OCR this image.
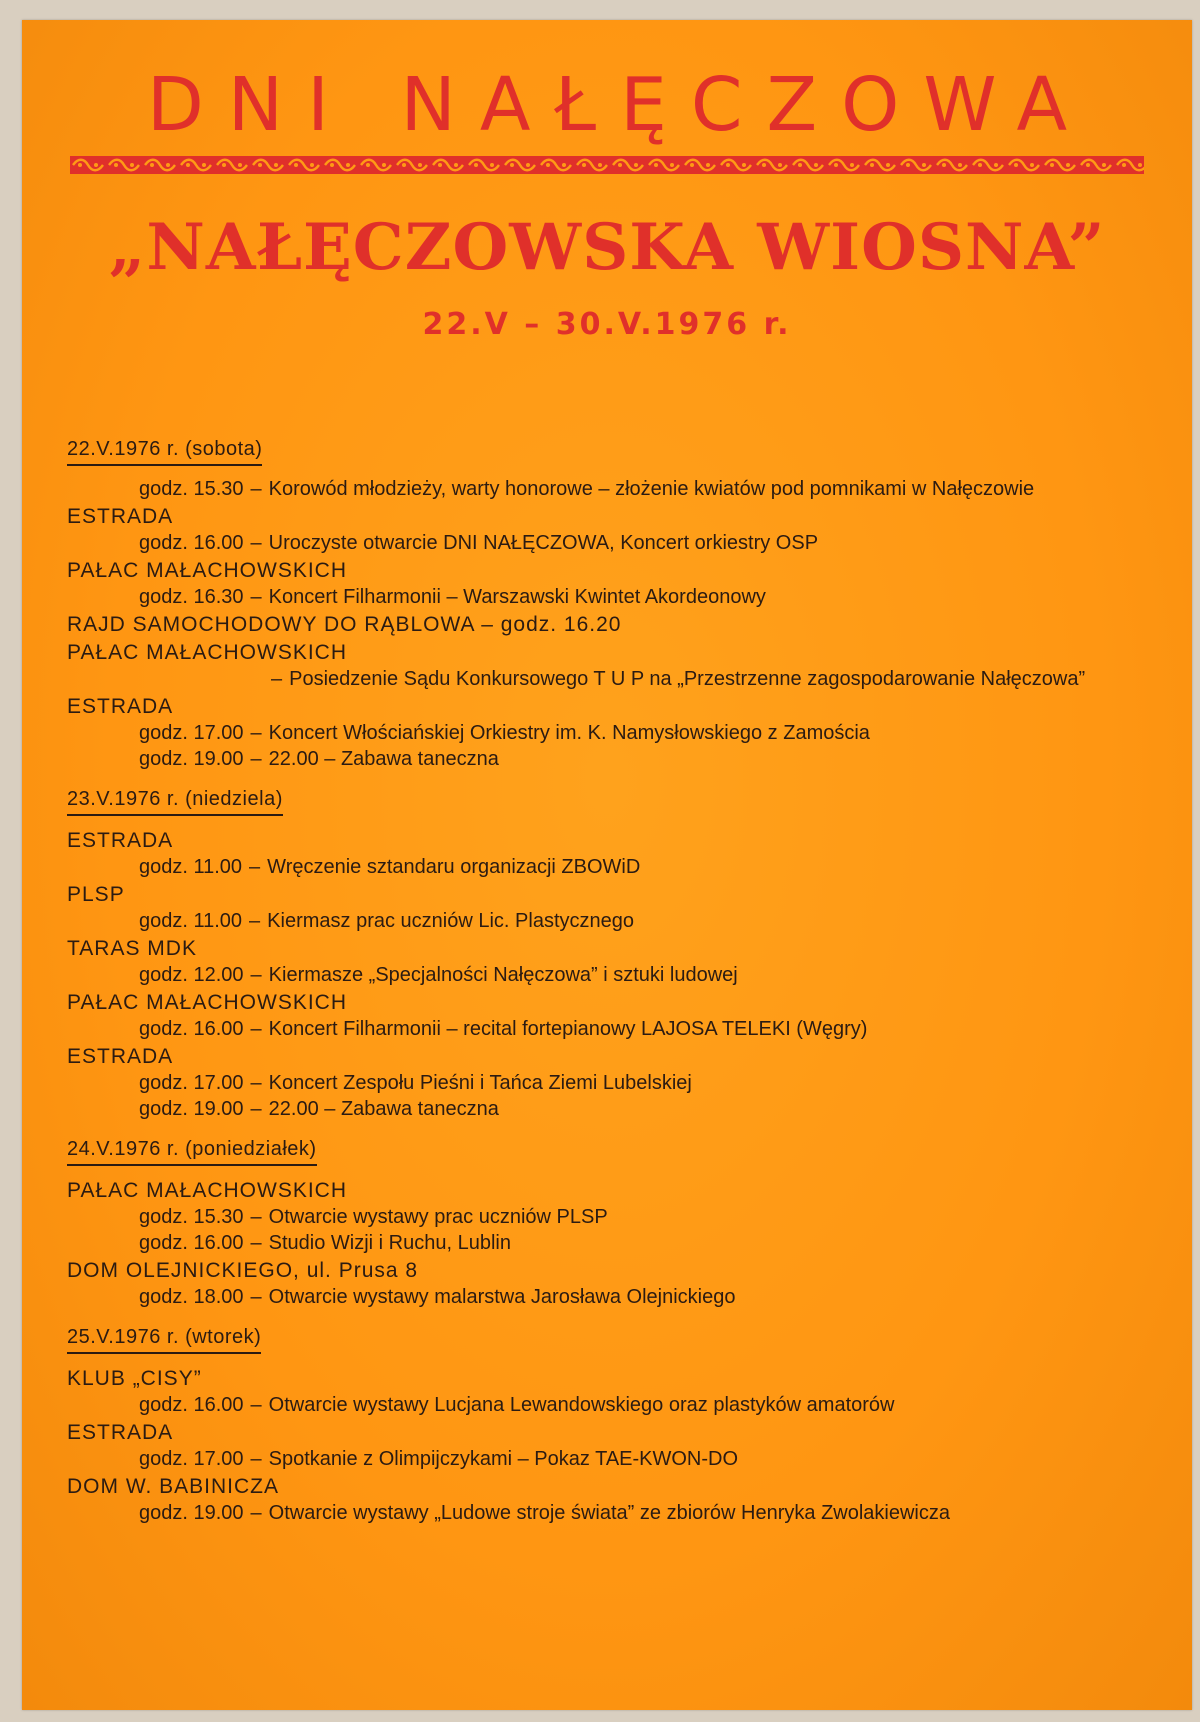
DNI NAŁĘCZOWA
„NAŁĘCZOWSKA WIOSNA”
22.V – 30.V.1976 r.
22.V.1976 r. (sobota)
godz. 15.30 – Korowód młodzieży, warty honorowe – złożenie kwiatów pod pomnikami w Nałęczowie
ESTRADA
godz. 16.00 – Uroczyste otwarcie DNI NAŁĘCZOWA, Koncert orkiestry OSP
PAŁAC MAŁACHOWSKICH
godz. 16.30 – Koncert Filharmonii – Warszawski Kwintet Akordeonowy
RAJD SAMOCHODOWY DO RĄBLOWA – godz. 16.20
PAŁAC MAŁACHOWSKICH
– Posiedzenie Sądu Konkursowego T U P na „Przestrzenne zagospodarowanie Nałęczowa”
ESTRADA
godz. 17.00 – Koncert Włościańskiej Orkiestry im. K. Namysłowskiego z Zamościa
godz. 19.00 – 22.00 – Zabawa taneczna
23.V.1976 r. (niedziela)
ESTRADA
godz. 11.00 – Wręczenie sztandaru organizacji ZBOWiD
PLSP
godz. 11.00 – Kiermasz prac uczniów Lic. Plastycznego
TARAS MDK
godz. 12.00 – Kiermasze „Specjalności Nałęczowa” i sztuki ludowej
PAŁAC MAŁACHOWSKICH
godz. 16.00 – Koncert Filharmonii – recital fortepianowy LAJOSA TELEKI (Węgry)
ESTRADA
godz. 17.00 – Koncert Zespołu Pieśni i Tańca Ziemi Lubelskiej
godz. 19.00 – 22.00 – Zabawa taneczna
24.V.1976 r. (poniedziałek)
PAŁAC MAŁACHOWSKICH
godz. 15.30 – Otwarcie wystawy prac uczniów PLSP
godz. 16.00 – Studio Wizji i Ruchu, Lublin
DOM OLEJNICKIEGO, ul. Prusa 8
godz. 18.00 – Otwarcie wystawy malarstwa Jarosława Olejnickiego
25.V.1976 r. (wtorek)
KLUB „CISY”
godz. 16.00 – Otwarcie wystawy Lucjana Lewandowskiego oraz plastyków amatorów
ESTRADA
godz. 17.00 – Spotkanie z Olimpijczykami – Pokaz TAE-KWON-DO
DOM W. BABINICZA
godz. 19.00 – Otwarcie wystawy „Ludowe stroje świata” ze zbiorów Henryka Zwolakiewicza
